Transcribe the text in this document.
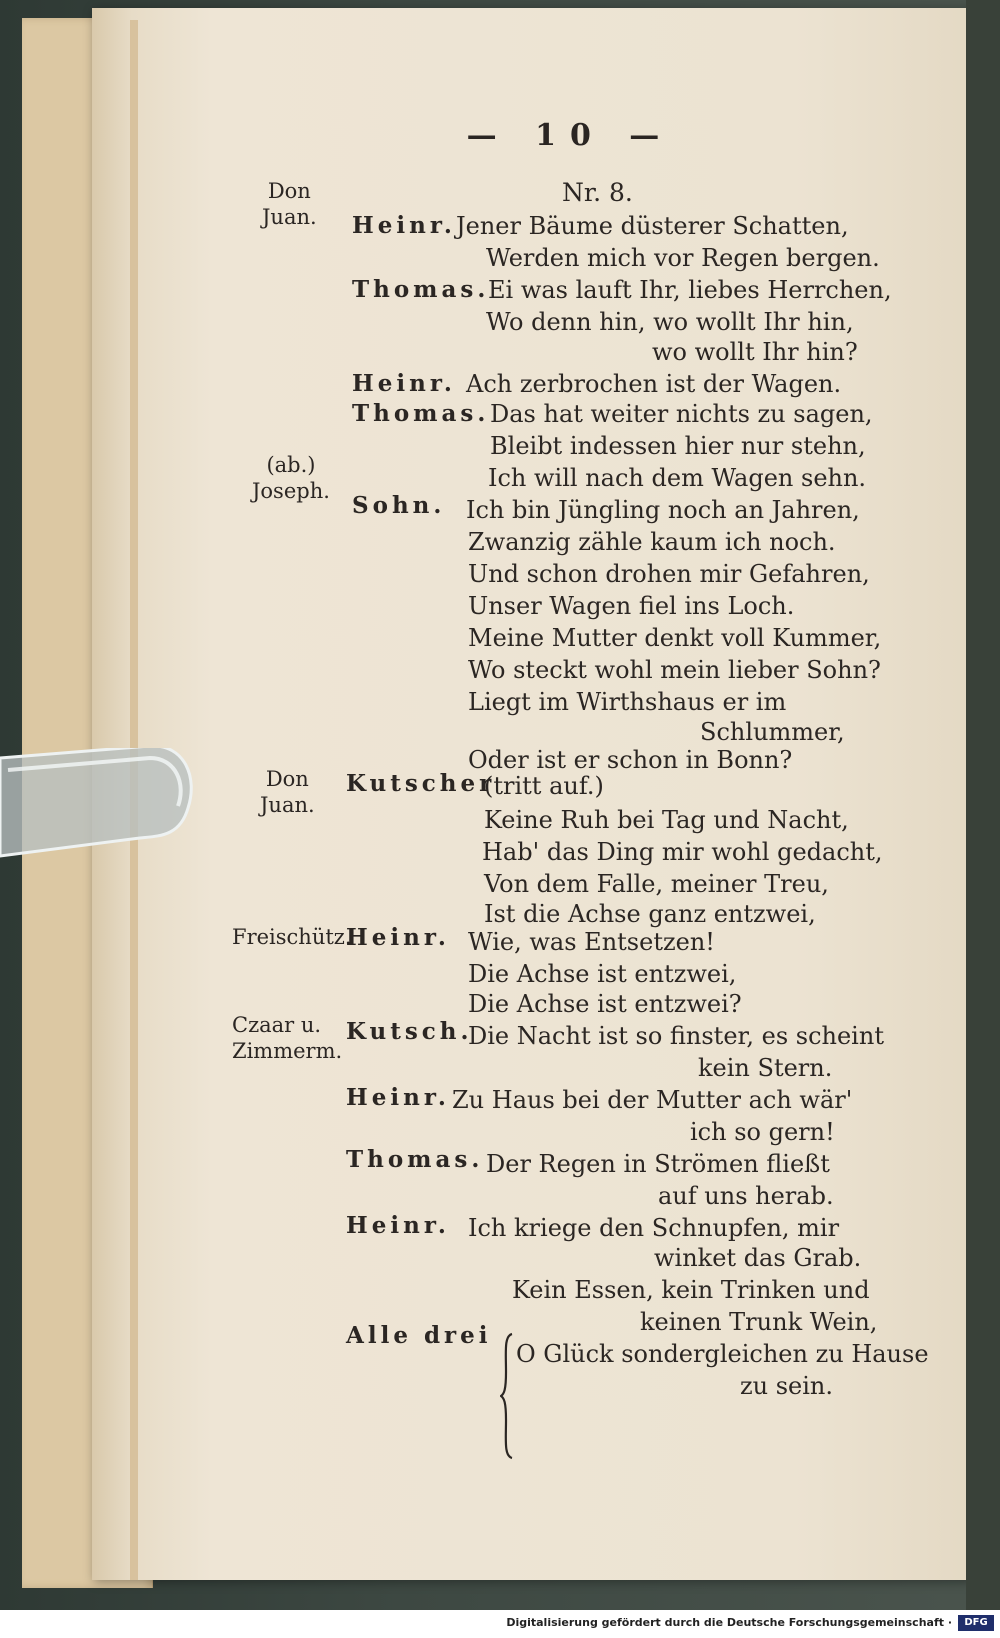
— 10 —
Nr. 8.
Don
Juan.
(ab.)
Joseph.
Don
Juan.
Freischütz.
Czaar u.
Zimmerm.
Heinr.
Thomas.
Heinr.
Thomas.
Sohn.
Kutscher
Heinr.
Kutsch.
Heinr.
Thomas.
Heinr.
Alle drei
Jener Bäume düsterer Schatten,
Werden mich vor Regen bergen.
Ei was lauft Ihr, liebes Herrchen,
Wo denn hin, wo wollt Ihr hin,
wo wollt Ihr hin?
Ach zerbrochen ist der Wagen.
Das hat weiter nichts zu sagen,
Bleibt indessen hier nur stehn,
Ich will nach dem Wagen sehn.
Ich bin Jüngling noch an Jahren,
Zwanzig zähle kaum ich noch.
Und schon drohen mir Gefahren,
Unser Wagen fiel ins Loch.
Meine Mutter denkt voll Kummer,
Wo steckt wohl mein lieber Sohn?
Liegt im Wirthshaus er im
Schlummer,
Oder ist er schon in Bonn?
(tritt auf.)
Keine Ruh bei Tag und Nacht,
Hab' das Ding mir wohl gedacht,
Von dem Falle, meiner Treu,
Ist die Achse ganz entzwei,
Wie, was Entsetzen!
Die Achse ist entzwei,
Die Achse ist entzwei?
Die Nacht ist so finster, es scheint
kein Stern.
Zu Haus bei der Mutter ach wär'
ich so gern!
Der Regen in Strömen fließt
auf uns herab.
Ich kriege den Schnupfen, mir
winket das Grab.
Kein Essen, kein Trinken und
keinen Trunk Wein,
O Glück sondergleichen zu Hause
zu sein.
Digitalisierung gefördert durch die Deutsche Forschungsgemeinschaft ·	DFG
